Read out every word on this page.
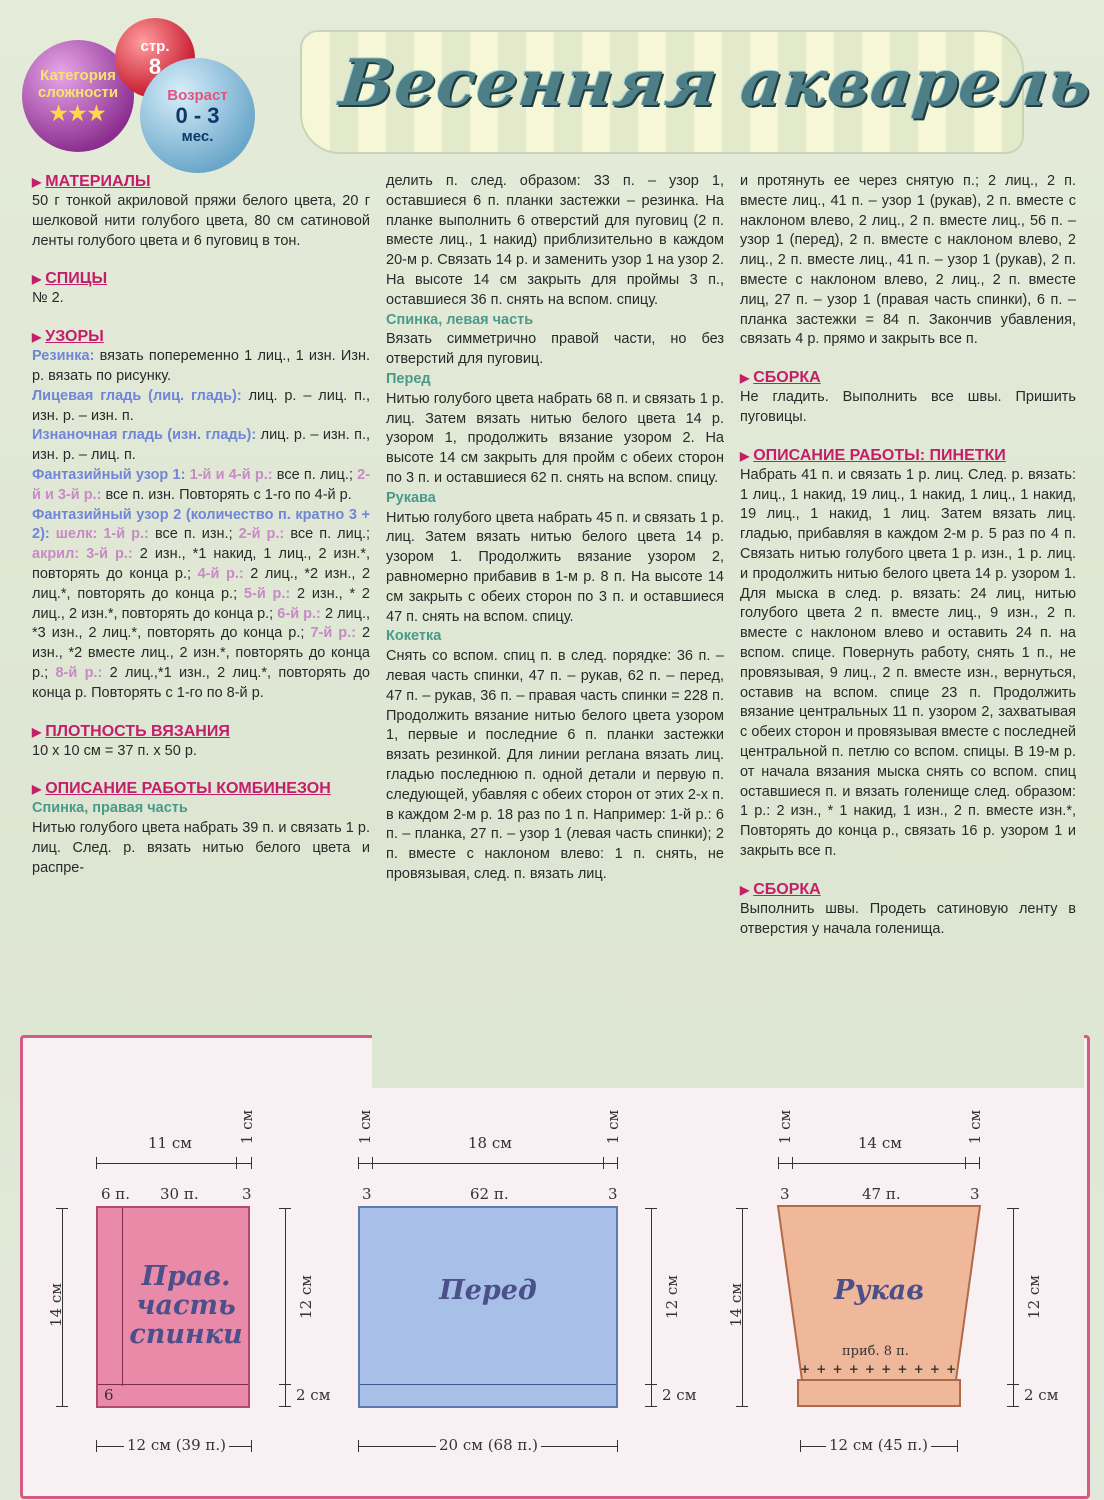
Весенняя акварель
Категория сложности
★★★
стр.
8
Возраст
0 - 3
мес.
▶ МАТЕРИАЛЫ

50 г тонкой акриловой пряжи белого цвета, 20 г шелковой нити голубого цвета, 80 см сатиновой ленты голубого цвета и 6 пуговиц в тон.

▶ СПИЦЫ

№ 2.

▶ УЗОРЫ

Резинка: вязать попеременно 1 лиц., 1 изн. Изн. р. вязать по рисунку.

Лицевая гладь (лиц. гладь): лиц. р. – лиц. п., изн. р. – изн. п.

Изнаночная гладь (изн. гладь): лиц. р. – изн. п., изн. р. – лиц. п.

Фантазийный узор 1: 1-й и 4-й р.: все п. лиц.; 2-й и 3-й р.: все п. изн. Повторять с 1-го по 4-й р.

Фантазийный узор 2 (количество п. кратно 3 + 2): шелк: 1-й р.: все п. изн.; 2-й р.: все п. лиц.; акрил: 3-й р.: 2 изн., *1 накид, 1 лиц., 2 изн.*, повторять до конца р.; 4-й р.: 2 лиц., *2 изн., 2 лиц.*, повторять до конца р.; 5-й р.: 2 изн., * 2 лиц., 2 изн.*, повторять до конца р.; 6-й р.: 2 лиц., *3 изн., 2 лиц.*, повторять до конца р.; 7-й р.: 2 изн., *2 вместе лиц., 2 изн.*, повторять до конца р.; 8-й р.: 2 лиц.,*1 изн., 2 лиц.*, повторять до конца р. Повторять с 1-го по 8-й р.

▶ ПЛОТНОСТЬ ВЯЗАНИЯ

10 x 10 см = 37 п. x 50 р.

▶ ОПИСАНИЕ РАБОТЫ КОМБИНЕЗОН
Спинка, правая часть

Нитью голубого цвета набрать 39 п. и связать 1 р. лиц. След. р. вязать нитью белого цвета и распре-

делить п. след. образом: 33 п. – узор 1, оставшиеся 6 п. планки застежки – резинка. На планке выполнить 6 отверстий для пуговиц (2 п. вместе лиц., 1 накид) приблизительно в каждом 20-м р. Связать 14 р. и заменить узор 1 на узор 2. На высоте 14 см закрыть для проймы 3 п., оставшиеся 36 п. снять на вспом. спицу.

Спинка, левая часть

Вязать симметрично правой части, но без отверстий для пуговиц.

Перед

Нитью голубого цвета набрать 68 п. и связать 1 р. лиц. Затем вязать нитью белого цвета 14 р. узором 1, продолжить вязание узором 2. На высоте 14 см закрыть для пройм с обеих сторон по 3 п. и оставшиеся 62 п. снять на вспом. спицу.

Рукава

Нитью голубого цвета набрать 45 п. и связать 1 р. лиц. Затем вязать нитью белого цвета 14 р. узором 1. Продолжить вязание узором 2, равномерно прибавив в 1-м р. 8 п. На высоте 14 см закрыть с обеих сторон по 3 п. и оставшиеся 47 п. снять на вспом. спицу.

Кокетка

Снять со вспом. спиц п. в след. порядке: 36 п. – левая часть спинки, 47 п. – рукав, 62 п. – перед, 47 п. – рукав, 36 п. – правая часть спинки = 228 п. Продолжить вязание нитью белого цвета узором 1, первые и последние 6 п. планки застежки вязать резинкой. Для линии реглана вязать лиц. гладью последнюю п. одной детали и первую п. следующей, убавляя с обеих сторон от этих 2-х п. в каждом 2-м р. 18 раз по 1 п. Например: 1-й р.: 6 п. – планка, 27 п. – узор 1 (левая часть спинки); 2 п. вместе с наклоном влево: 1 п. снять, не провязывая, след. п. вязать лиц.

и протянуть ее через снятую п.; 2 лиц., 2 п. вместе лиц., 41 п. – узор 1 (рукав), 2 п. вместе с наклоном влево, 2 лиц., 2 п. вместе лиц., 56 п. – узор 1 (перед), 2 п. вместе с наклоном влево, 2 лиц., 2 п. вместе лиц., 41 п. – узор 1 (рукав), 2 п. вместе с наклоном влево, 2 лиц., 2 п. вместе лиц, 27 п. – узор 1 (правая часть спинки), 6 п. – планка застежки = 84 п. Закончив убавления, связать 4 р. прямо и закрыть все п.

▶ СБОРКА

Не гладить. Выполнить все швы. Пришить пуговицы.

▶ ОПИСАНИЕ РАБОТЫ: ПИНЕТКИ

Набрать 41 п. и связать 1 р. лиц. След. р. вязать: 1 лиц., 1 накид, 19 лиц., 1 накид, 1 лиц., 1 накид, 19 лиц., 1 накид, 1 лиц. Затем вязать лиц. гладью, прибавляя в каждом 2-м р. 5 раз по 4 п. Связать нитью голубого цвета 1 р. изн., 1 р. лиц. и продолжить нитью белого цвета 14 р. узором 1. Для мыска в след. р. вязать: 24 лиц, нитью голубого цвета 2 п. вместе лиц., 9 изн., 2 п. вместе с наклоном влево и оставить 24 п. на вспом. спице. Повернуть работу, снять 1 п., не провязывая, 9 лиц., 2 п. вместе изн., вернуться, оставив на вспом. спице 23 п. Продолжить вязание центральных 11 п. узором 2, захватывая с обеих сторон и провязывая вместе с последней центральной п. петлю со вспом. спицы. В 19-м р. от начала вязания мыска снять со вспом. спиц оставшиеся п. и вязать голенище след. образом: 1 р.: 2 изн., * 1 накид, 1 изн., 2 п. вместе изн.*, Повторять до конца р., связать 16 р. узором 1 и закрыть все п.

▶ СБОРКА

Выполнить швы. Продеть сатиновую ленту в отверстия у начала голенища.

11 см	1 см
6 п. 30 п.	3
6
Прав.
часть
спинки
14 см	12 см
2 см
12 см (39 п.)
18 см
1 см	1 см
3	62 п.	3
Перед	12 см
2 см
20 см (68 п.)
14 см
1 см	1 см
3	47 п.	3
Рукав
приб. 8 п.
+ + + + + + + + + +
14 см	12 см
2 см
12 см (45 п.)
